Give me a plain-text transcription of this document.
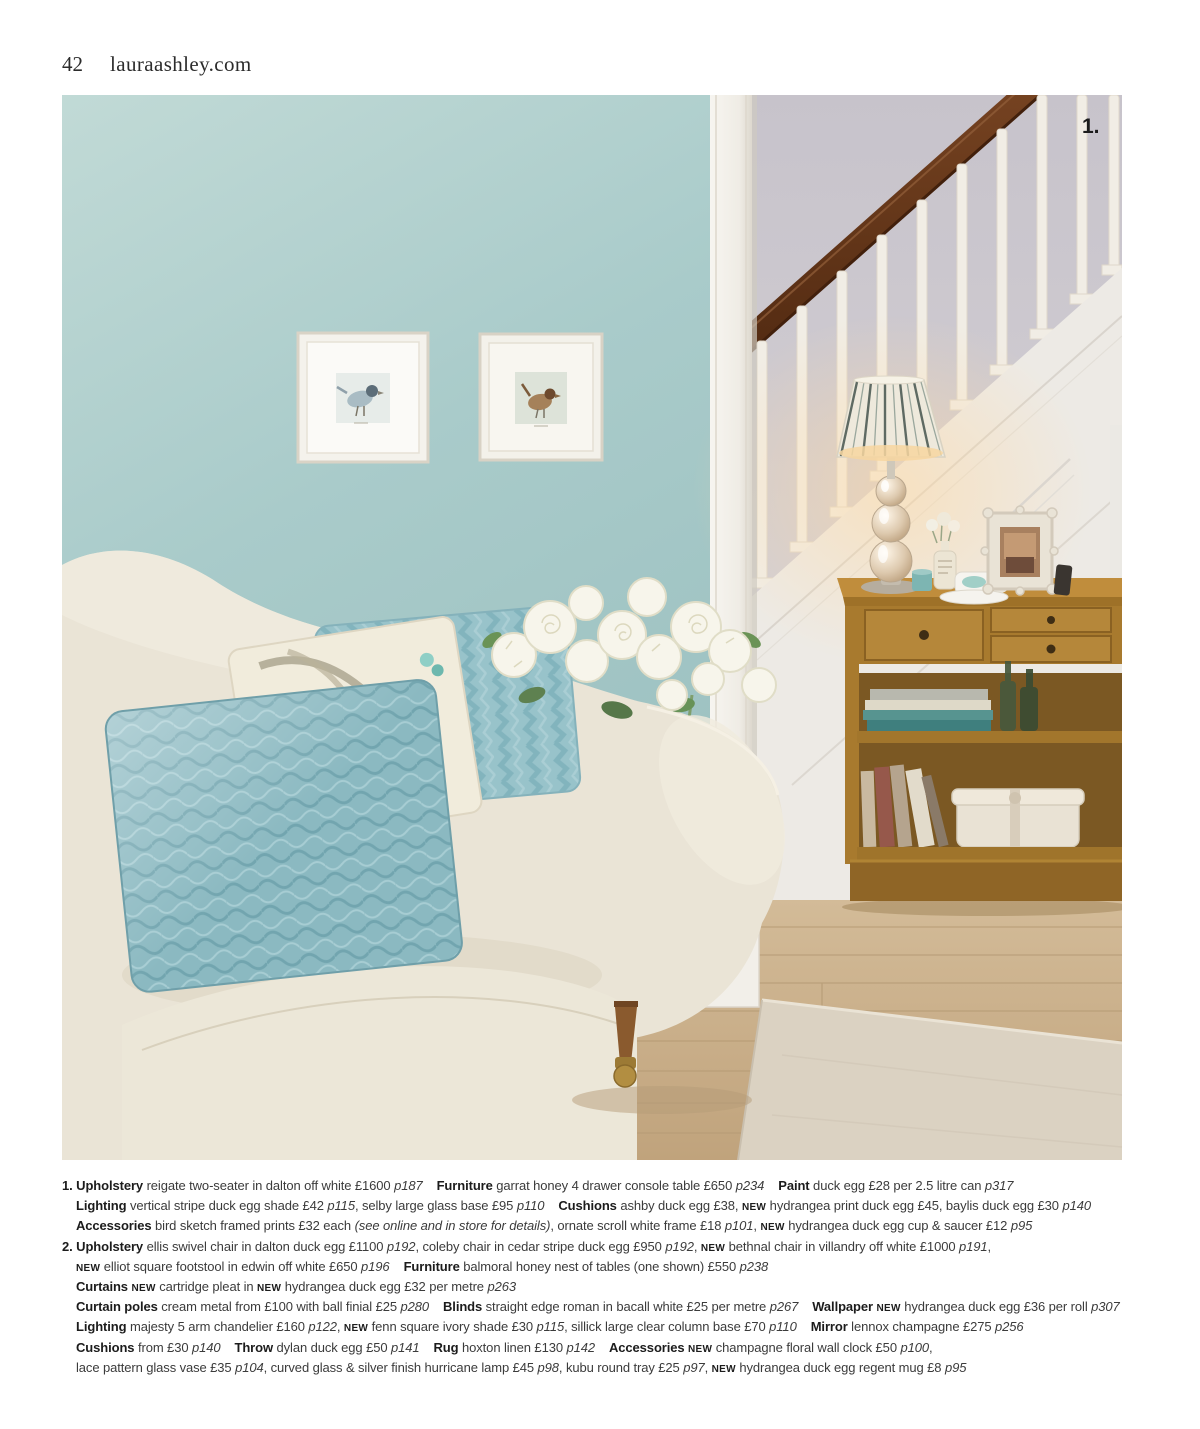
42 lauraashley.com
1.
1. Upholstery reigate two-seater in dalton off white £1600 p187 Furniture garrat honey 4 drawer console table £650 p234 Paint duck egg £28 per 2.5 litre can p317
Lighting vertical stripe duck egg shade £42 p115, selby large glass base £95 p110 Cushions ashby duck egg £38, NEW hydrangea print duck egg £45, baylis duck egg £30 p140
Accessories bird sketch framed prints £32 each (see online and in store for details), ornate scroll white frame £18 p101, NEW hydrangea duck egg cup & saucer £12 p95
2. Upholstery ellis swivel chair in dalton duck egg £1100 p192, coleby chair in cedar stripe duck egg £950 p192, NEW bethnal chair in villandry off white £1000 p191,
NEW elliot square footstool in edwin off white £650 p196 Furniture balmoral honey nest of tables (one shown) £550 p238
Curtains NEW cartridge pleat in NEW hydrangea duck egg £32 per metre p263
Curtain poles cream metal from £100 with ball finial £25 p280 Blinds straight edge roman in bacall white £25 per metre p267 Wallpaper NEW hydrangea duck egg £36 per roll p307
Lighting majesty 5 arm chandelier £160 p122, NEW fenn square ivory shade £30 p115, sillick large clear column base £70 p110 Mirror lennox champagne £275 p256
Cushions from £30 p140 Throw dylan duck egg £50 p141 Rug hoxton linen £130 p142 Accessories NEW champagne floral wall clock £50 p100,
lace pattern glass vase £35 p104, curved glass & silver finish hurricane lamp £45 p98, kubu round tray £25 p97, NEW hydrangea duck egg regent mug £8 p95
